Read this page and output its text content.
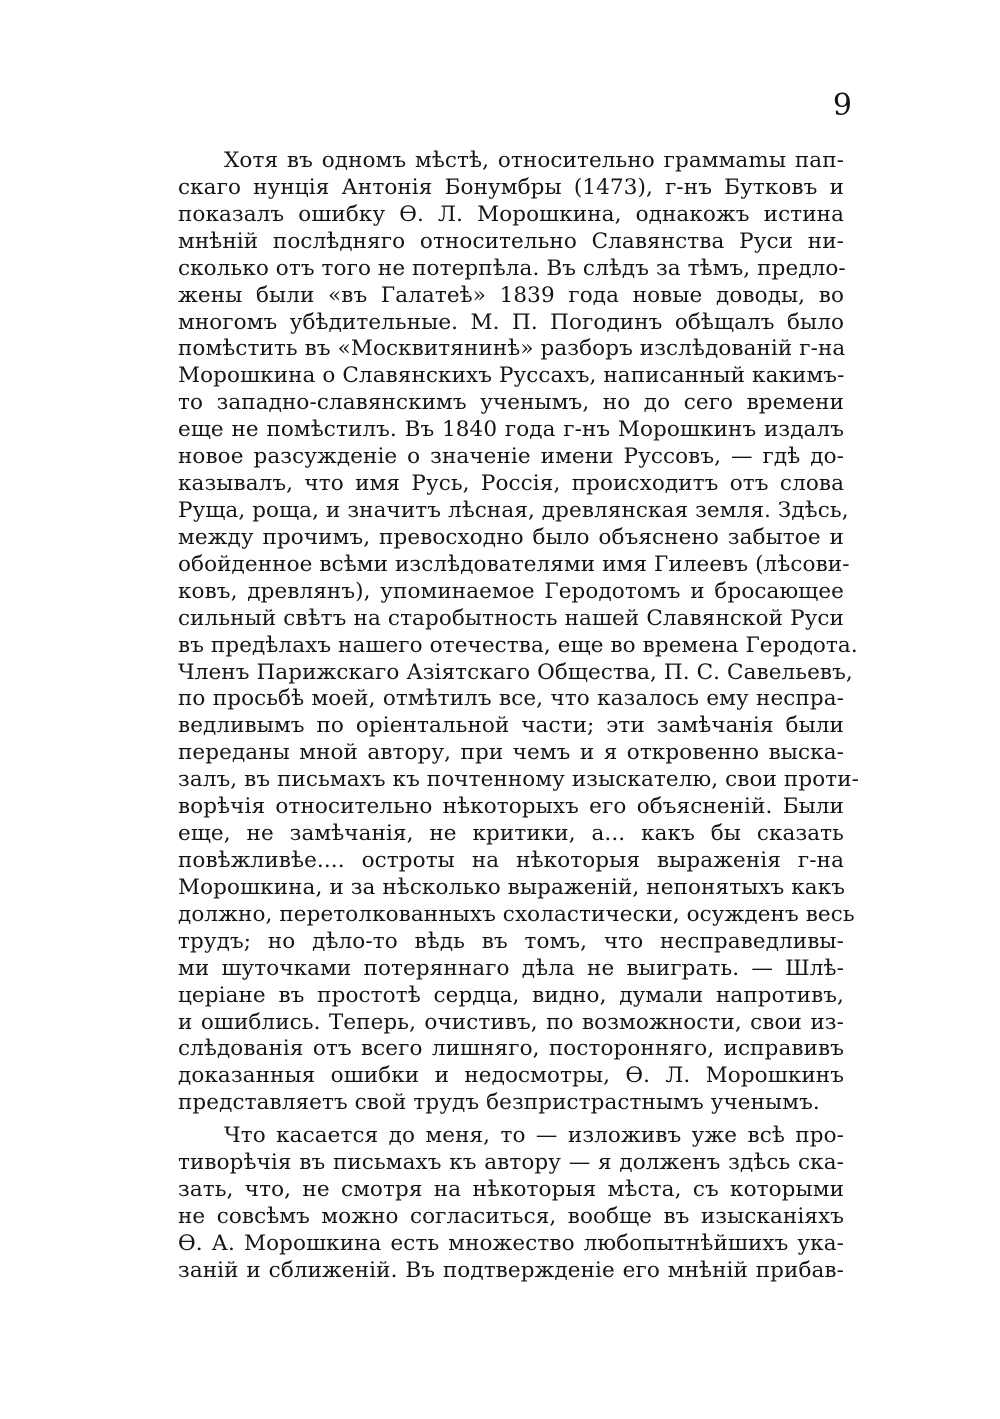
9
Хотя въ одномъ мѣстѣ, относительно граммаmы пап-
скаго нунція Антонія Бонумбры (1473), г-нъ Бутковъ и
показалъ ошибку Ѳ. Л. Морошкина, однакожъ истина
мнѣній послѣдняго относительно Славянства Руси ни-
сколько отъ того не потерпѣла. Въ слѣдъ за тѣмъ, предло-
жены были «въ Галатеѣ» 1839 года новые доводы, во
многомъ убѣдительные. М. П. Погодинъ обѣщалъ было
помѣстить въ «Москвитянинѣ» разборъ изслѣдованій г-на
Морошкина о Славянскихъ Руссахъ, написанный какимъ-
то западно-славянскимъ ученымъ, но до сего времени
еще не помѣстилъ. Въ 1840 года г-нъ Морошкинъ издалъ
новое разсужденіе о значеніе имени Руссовъ, — гдѣ до-
казывалъ, что имя Русь, Россія, происходитъ отъ слова
Руща, роща, и значитъ лѣсная, древлянская земля. Здѣсь,
между прочимъ, превосходно было объяснено забытое и
обойденное всѣми изслѣдователями имя Гилеевъ (лѣсови-
ковъ, древлянъ), упоминаемое Геродотомъ и бросающее
сильный свѣтъ на старобытность нашей Славянской Руси
въ предѣлахъ нашего отечества, еще во времена Геродота.
Членъ Парижскаго Азіятскаго Общества, П. С. Савельевъ,
по просьбѣ моей, отмѣтилъ все, что казалось ему неспра-
ведливымъ по оріентальной части; эти замѣчанія были
переданы мной автору, при чемъ и я откровенно выска-
залъ, въ письмахъ къ почтенному изыскателю, свои проти-
ворѣчія относительно нѣкоторыхъ его объясненій. Были
еще, не замѣчанія, не критики, а... какъ бы сказать
повѣжливѣе.... остроты на нѣкоторыя выраженія г-на
Морошкина, и за нѣсколько выраженій, непонятыхъ какъ
должно, перетолкованныхъ схоластически, осужденъ весь
трудъ; но дѣло-то вѣдь въ томъ, что несправедливы-
ми шуточками потеряннаго дѣла не выиграть. — Шлѣ-
церіане въ простотѣ сердца, видно, думали напротивъ,
и ошиблись. Теперь, очистивъ, по возможности, свои из-
слѣдованія отъ всего лишняго, посторонняго, исправивъ
доказанныя ошибки и недосмотры, Ѳ. Л. Морошкинъ
представляетъ свой трудъ безпристрастнымъ ученымъ.
Что касается до меня, то — изложивъ уже всѣ про-
тиворѣчія въ письмахъ къ автору — я долженъ здѣсь ска-
зать, что, не смотря на нѣкоторыя мѣста, съ которыми
не совсѣмъ можно согласиться, вообще въ изысканіяхъ
Ѳ. А. Морошкина есть множество любопытнѣйшихъ ука-
заній и сближеній. Въ подтвержденіе его мнѣній прибав-
